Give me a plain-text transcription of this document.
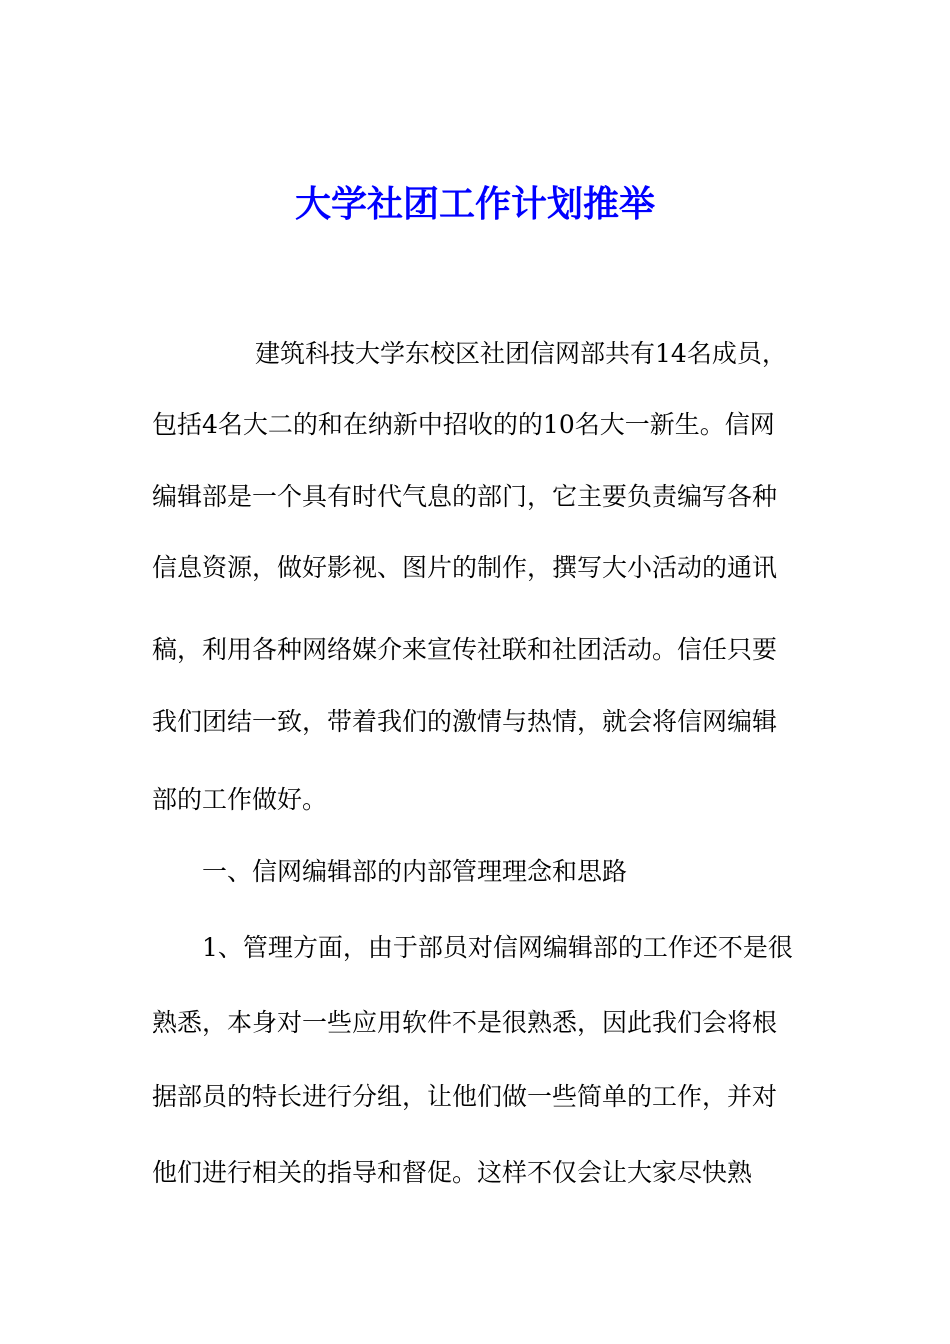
大学社团工作计划推举
建筑科技大学东校区社团信网部共有14名成员，
包括4名大二的和在纳新中招收的的10名大一新生。信网
编辑部是一个具有时代气息的部门，它主要负责编写各种
信息资源，做好影视、图片的制作，撰写大小活动的通讯
稿，利用各种网络媒介来宣传社联和社团活动。信任只要
我们团结一致，带着我们的激情与热情，就会将信网编辑
部的工作做好。
一、信网编辑部的内部管理理念和思路
1、管理方面，由于部员对信网编辑部的工作还不是很
熟悉，本身对一些应用软件不是很熟悉，因此我们会将根
据部员的特长进行分组，让他们做一些简单的工作，并对
他们进行相关的指导和督促。这样不仅会让大家尽快熟
